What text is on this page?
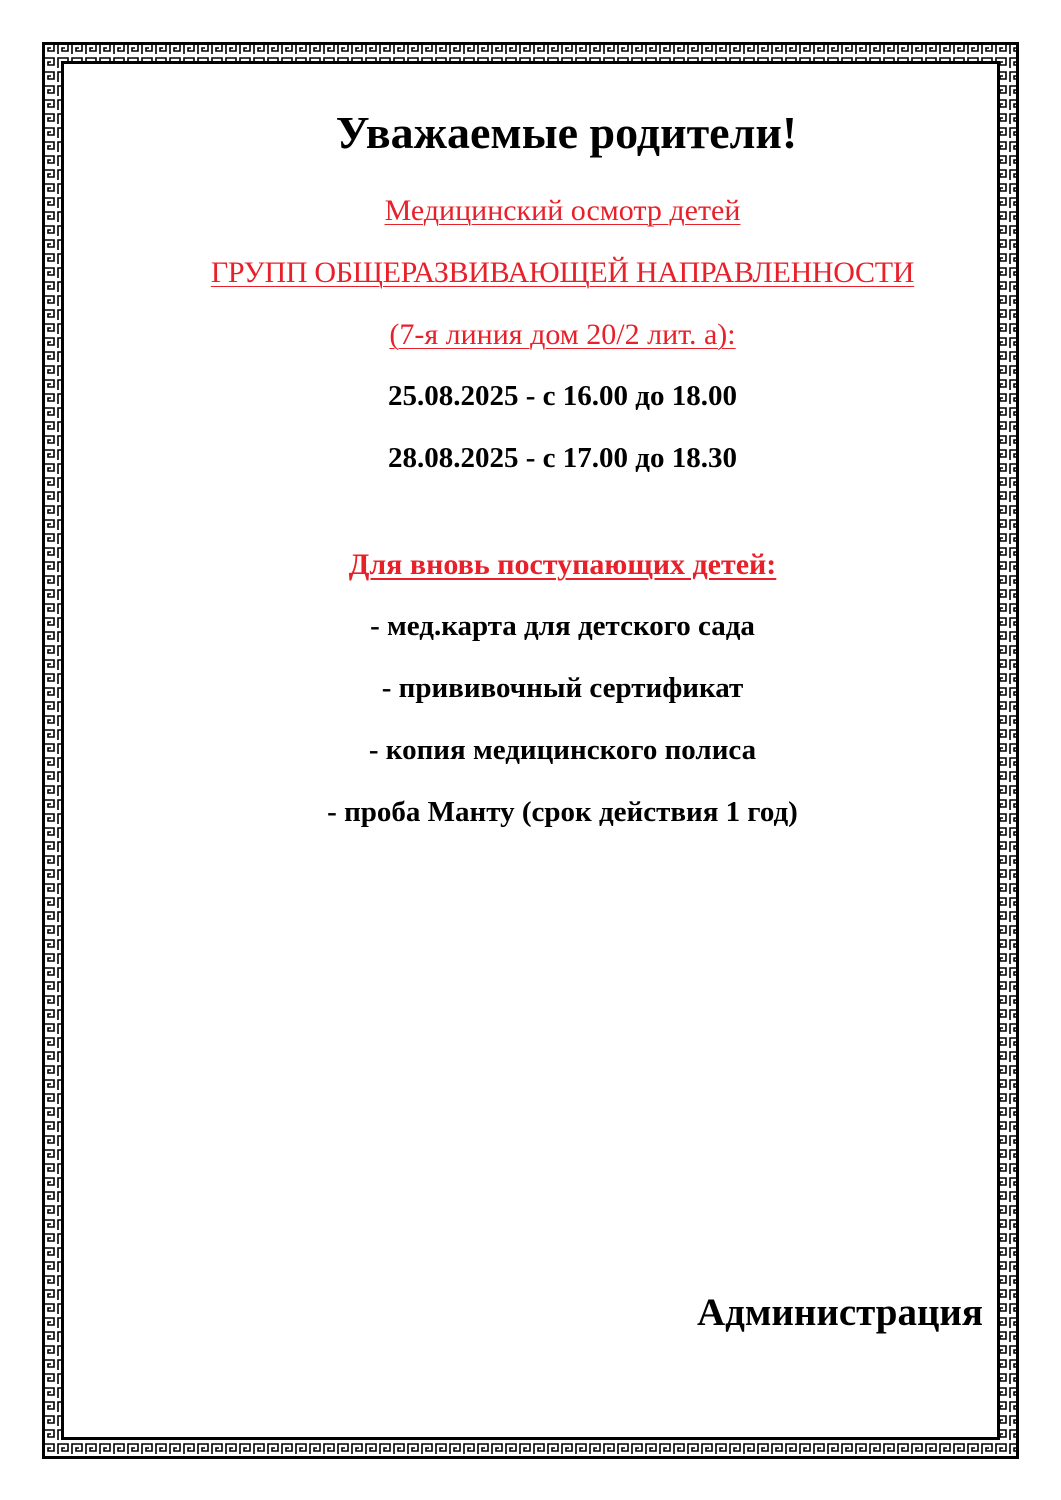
Уважаемые родители!
Медицинский осмотр детей
ГРУПП ОБЩЕРАЗВИВАЮЩЕЙ НАПРАВЛЕННОСТИ
(7-я линия дом 20/2 лит. а):
25.08.2025 - с 16.00 до 18.00
28.08.2025 - с 17.00 до 18.30
Для вновь поступающих детей:
- мед.карта для детского сада
- прививочный сертификат
- копия медицинского полиса
- проба Манту (срок действия 1 год)
Администрация
